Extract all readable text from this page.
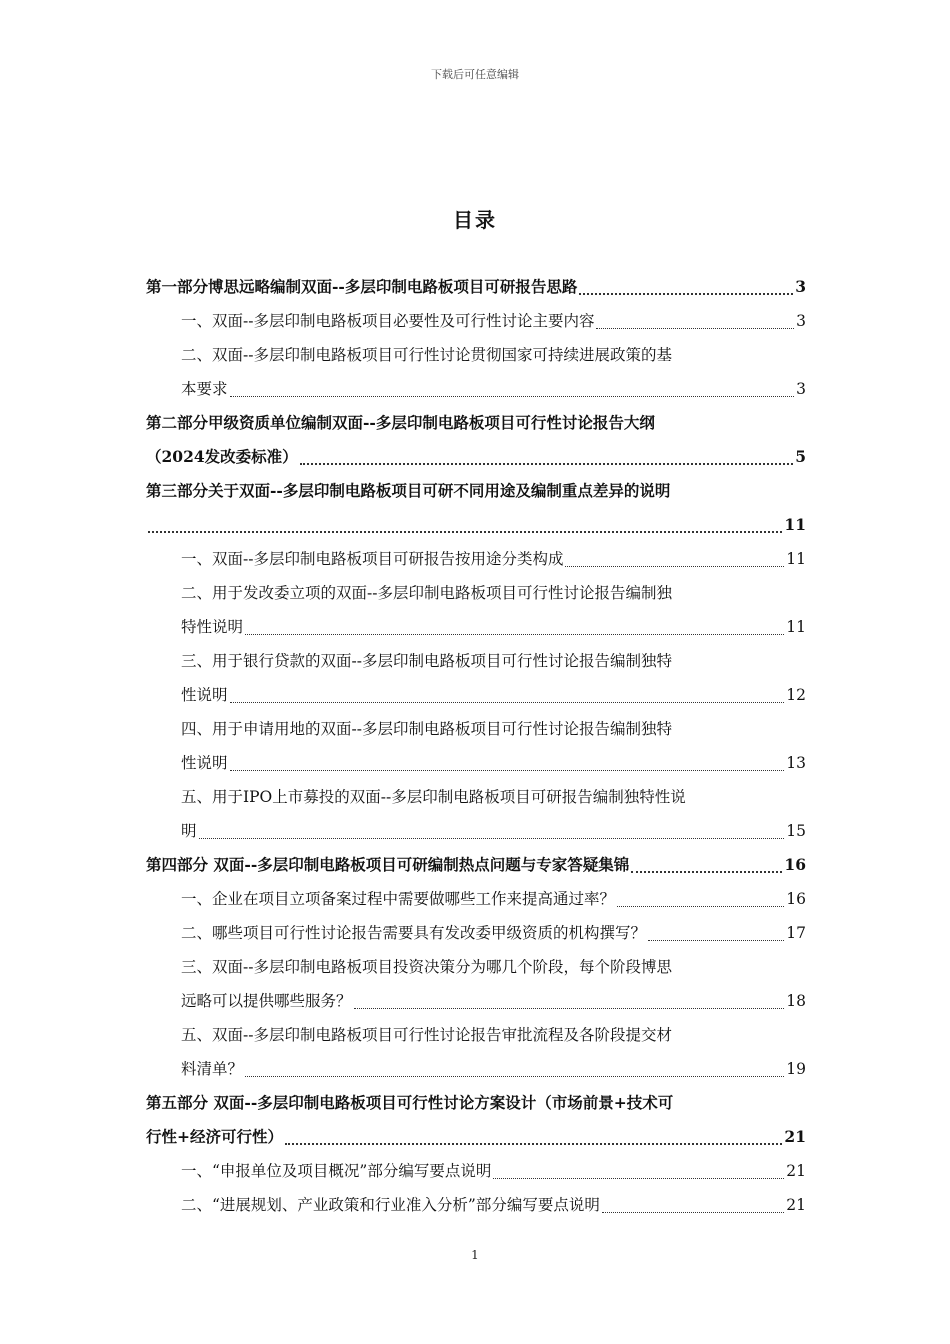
下载后可任意编辑
目录
第一部分博思远略编制双面--多层印制电路板项目可研报告思路	3
一、双面--多层印制电路板项目必要性及可行性讨论主要内容	3
二、双面--多层印制电路板项目可行性讨论贯彻国家可持续进展政策的基
本要求	3
第二部分甲级资质单位编制双面--多层印制电路板项目可行性讨论报告大纲
（2024发改委标准）	5
第三部分关于双面--多层印制电路板项目可研不同用途及编制重点差异的说明
11
一、双面--多层印制电路板项目可研报告按用途分类构成	11
二、用于发改委立项的双面--多层印制电路板项目可行性讨论报告编制独
特性说明	11
三、用于银行贷款的双面--多层印制电路板项目可行性讨论报告编制独特
性说明	12
四、用于申请用地的双面--多层印制电路板项目可行性讨论报告编制独特
性说明	13
五、用于IPO上市募投的双面--多层印制电路板项目可研报告编制独特性说
明	15
第四部分 双面--多层印制电路板项目可研编制热点问题与专家答疑集锦	16
一、企业在项目立项备案过程中需要做哪些工作来提高通过率？	16
二、哪些项目可行性讨论报告需要具有发改委甲级资质的机构撰写？	17
三、双面--多层印制电路板项目投资决策分为哪几个阶段，每个阶段博思
远略可以提供哪些服务？	18
五、双面--多层印制电路板项目可行性讨论报告审批流程及各阶段提交材
料清单？	19
第五部分 双面--多层印制电路板项目可行性讨论方案设计（市场前景+技术可
行性+经济可行性）	21
一、“申报单位及项目概况”部分编写要点说明	21
二、“进展规划、产业政策和行业准入分析”部分编写要点说明	21
1
